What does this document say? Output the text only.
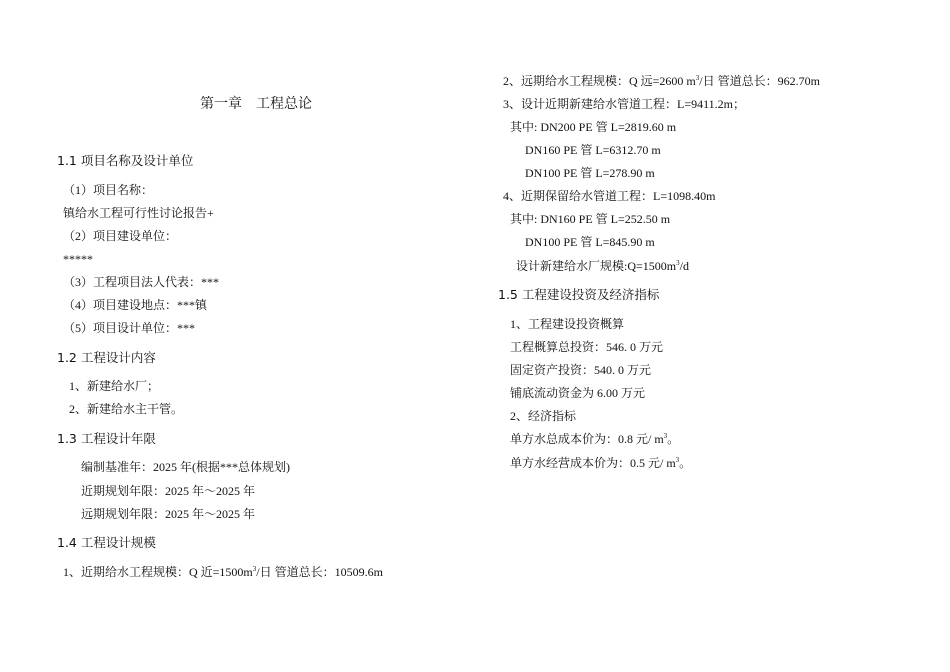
第一章　工程总论
1.1 项目名称及设计单位
（1）项目名称：
镇给水工程可行性讨论报告+
（2）项目建设单位：
*****
（3）工程项目法人代表：***
（4）项目建设地点：***镇
（5）项目设计单位：***
1.2 工程设计内容
1、新建给水厂；
2、新建给水主干管。
1.3 工程设计年限
编制基准年：2025 年(根据***总体规划)
近期规划年限：2025 年～2025 年
远期规划年限：2025 年～2025 年
1.4 工程设计规模
1、近期给水工程规模：Q 近$=1500m^3/$日 管道总长：10509.6m
2、远期给水工程规模：Q 远=2600 $m^3/$日 管道总长：962.70m
3、设计近期新建给水管道工程：L=9411.2m；
其中: DN200 PE 管 L=2819.60 m
DN160 PE 管 L=6312.70 m
DN100 PE 管 L=278.90 m
4、近期保留给水管道工程：L=1098.40m
其中: DN160 PE 管 L=252.50 m
DN100 PE 管 L=845.90 m
设计新建给水厂规模$:Q=1500m^3/d$
1.5 工程建设投资及经济指标
1、工程建设投资概算
工程概算总投资：546. 0 万元
固定资产投资：540. 0 万元
铺底流动资金为 6.00 万元
2、经济指标
单方水总成本价为：0.8 元/ $m^3$。
单方水经营成本价为：0.5 元/ $m^3$。
